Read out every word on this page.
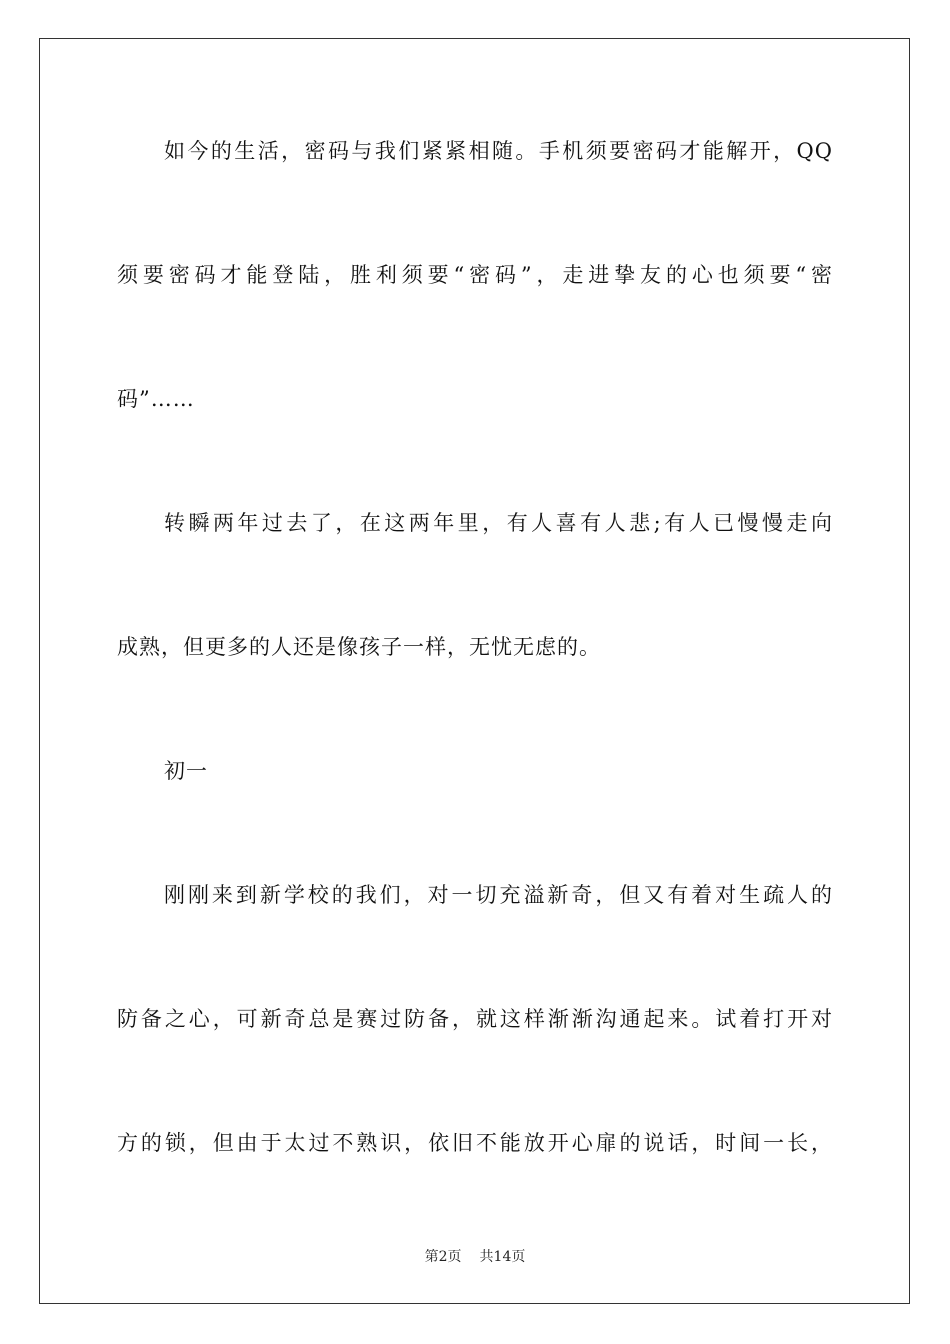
如今的生活，密码与我们紧紧相随。手机须要密码才能解开，QQ
须要密码才能登陆，胜利须要“密码”，走进挚友的心也须要“密
码”……
转瞬两年过去了，在这两年里，有人喜有人悲;有人已慢慢走向
成熟，但更多的人还是像孩子一样，无忧无虑的。
初一
刚刚来到新学校的我们，对一切充溢新奇，但又有着对生疏人的
防备之心，可新奇总是赛过防备，就这样渐渐沟通起来。试着打开对
方的锁，但由于太过不熟识，依旧不能放开心扉的说话，时间一长，
第2页 共14页
